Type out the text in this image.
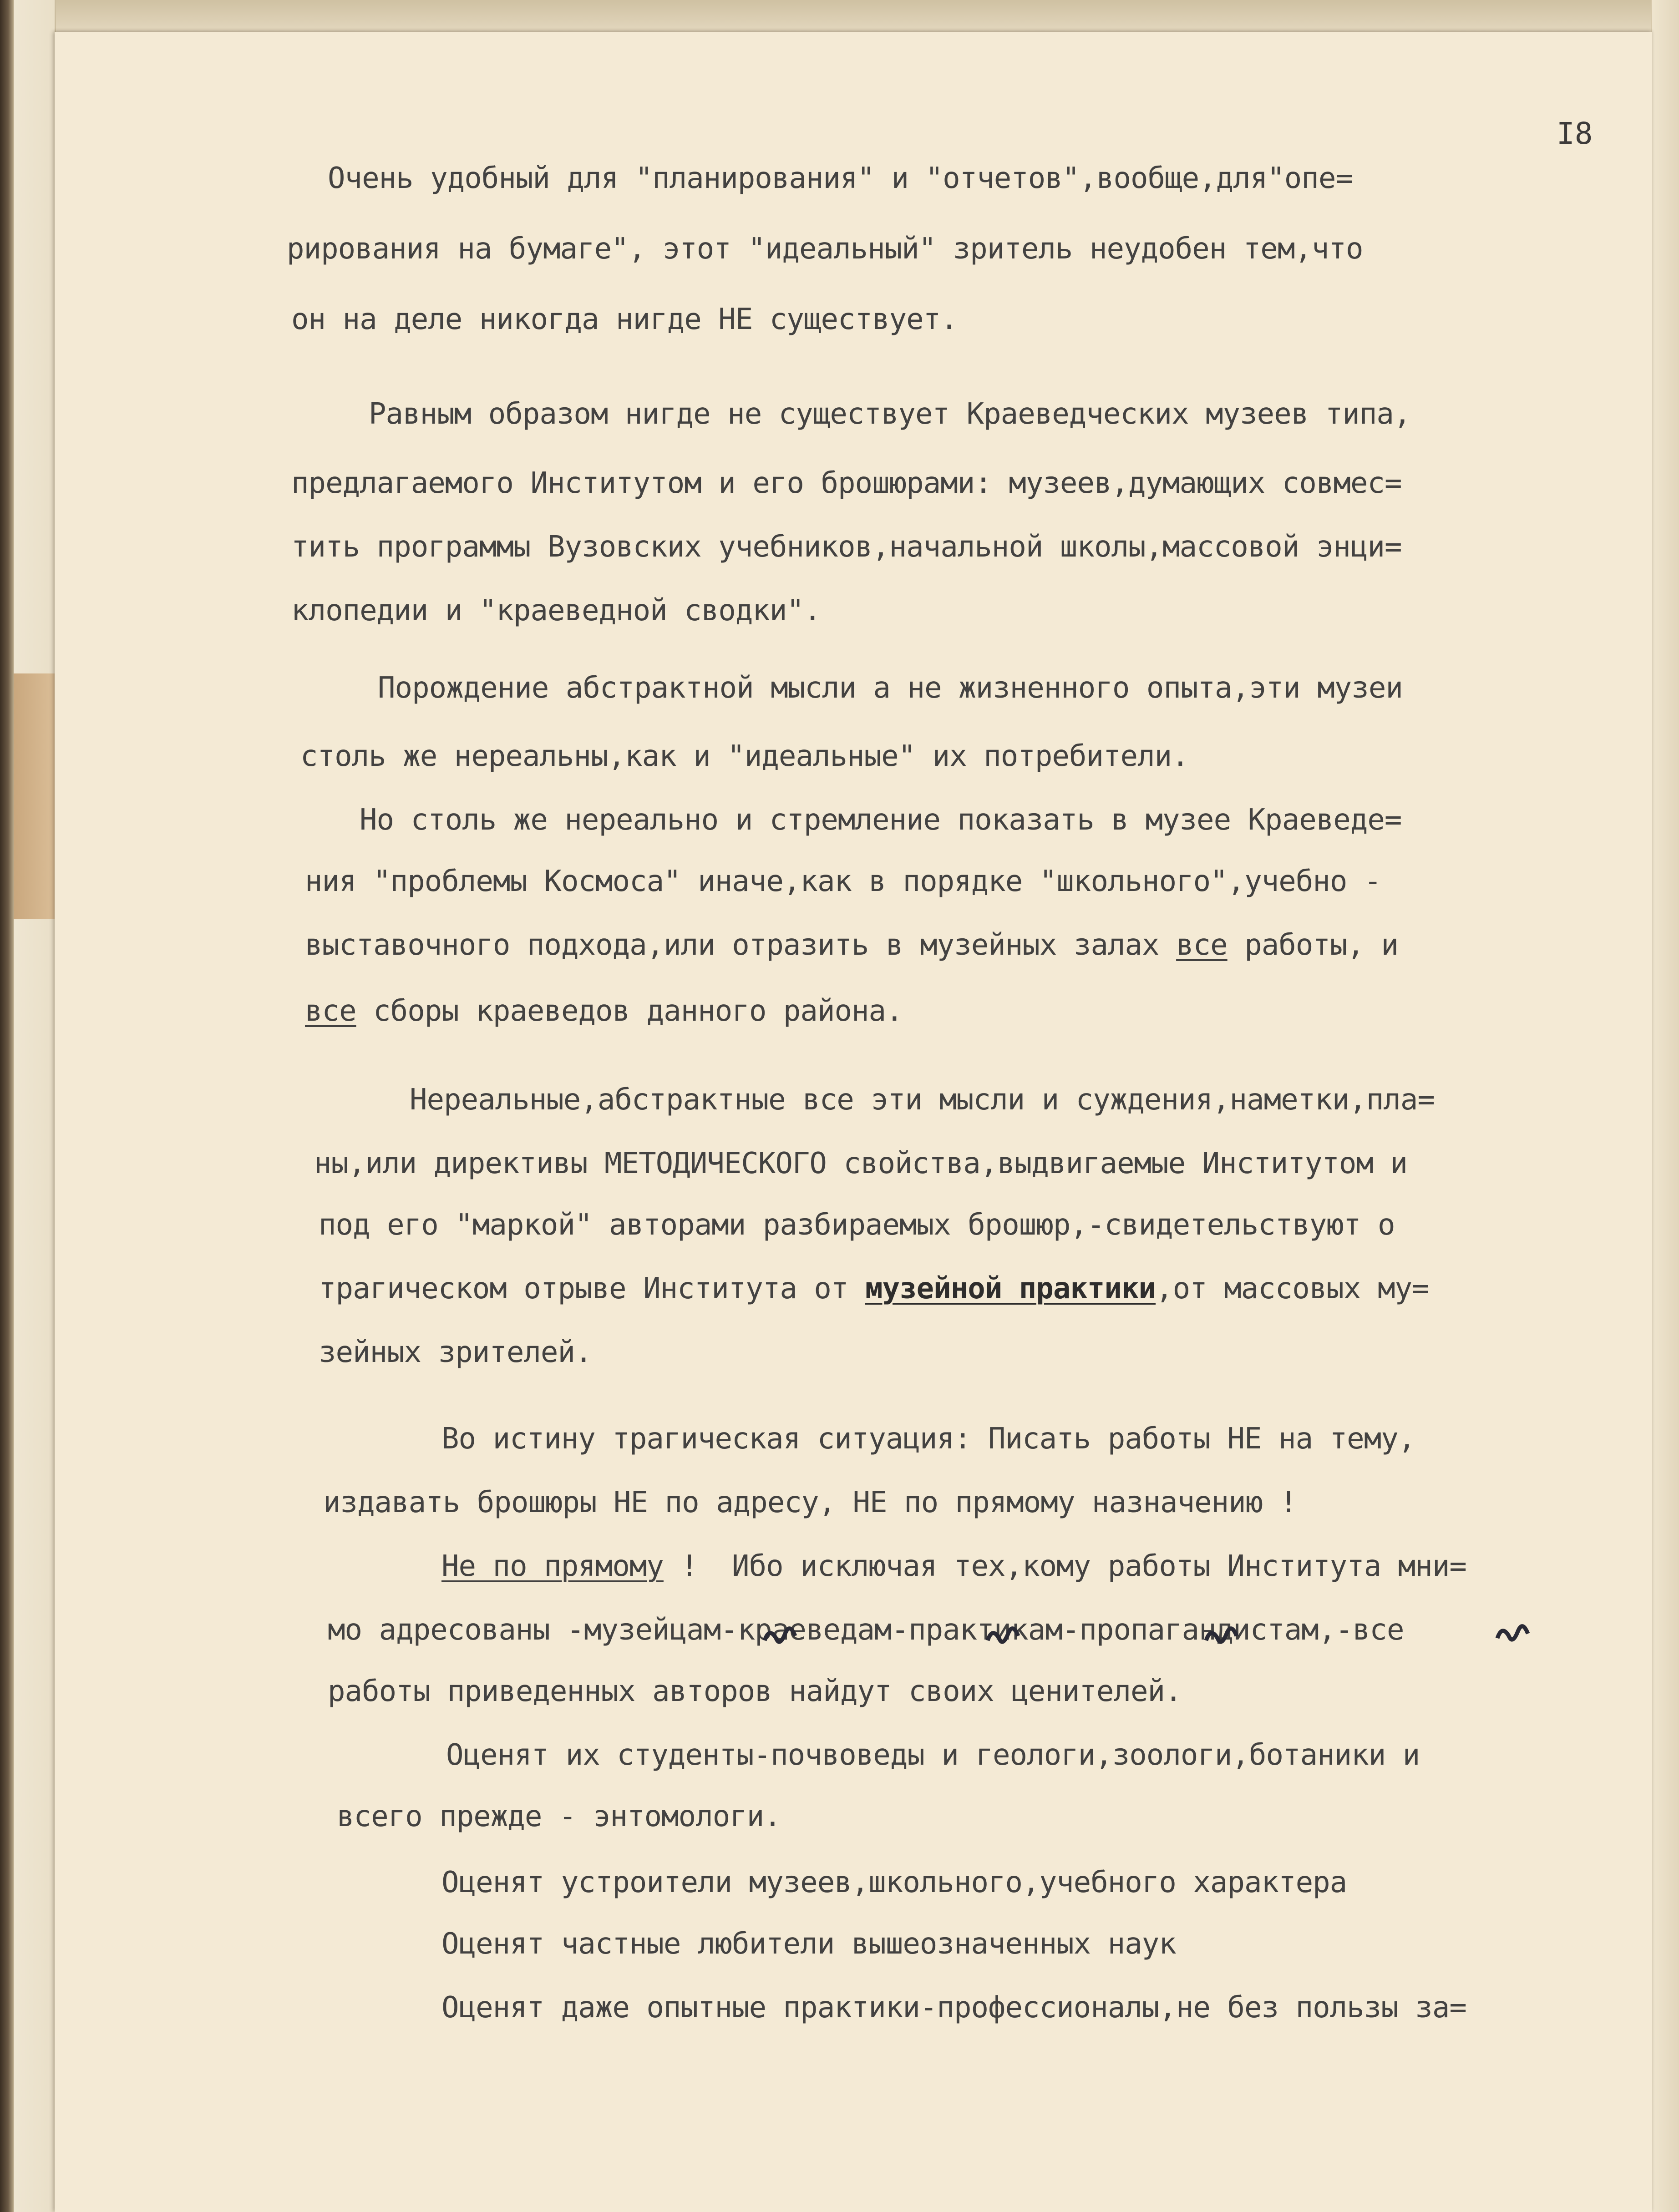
I8
Очень удобный для "планирования" и "отчетов",вообще,для"опе=
рирования на бумаге", этот "идеальный" зритель неудобен тем,что
он на деле никогда нигде НЕ существует.
Равным образом нигде не существует Краеведческих музеев типа,
предлагаемого Институтом и его брошюрами: музеев,думающих совмес=
тить программы Вузовских учебников,начальной школы,массовой энци=
клопедии и "краеведной сводки".
Порождение абстрактной мысли а не жизненного опыта,эти музеи
столь же нереальны,как и "идеальные" их потребители.
Но столь же нереально и стремление показать в музее Краеведе=
ния "проблемы Космоса" иначе,как в порядке "школьного",учебно -
выставочного подхода,или отразить в музейных залах все работы, и
все сборы краеведов данного района.
Нереальные,абстрактные все эти мысли и суждения,наметки,пла=
ны,или директивы МЕТОДИЧЕСКОГО свойства,выдвигаемые Институтом и
под его "маркой" авторами разбираемых брошюр,-свидетельствуют о
трагическом отрыве Института от музейной практики,от массовых му=
зейных зрителей.
Во истину трагическая ситуация: Писать работы НЕ на тему,
издавать брошюры НЕ по адресу, НЕ по прямому назначению !
Не по прямому !  Ибо исключая тех,кому работы Института мни=
мо адресованы -музейцам-краеведам-практикам-пропагандистам,-все
работы приведенных авторов найдут своих ценителей.
Оценят их студенты-почвоведы и геологи,зоологи,ботаники и
всего прежде - энтомологи.
Оценят устроители музеев,школьного,учебного характера
Оценят частные любители вышеозначенных наук
Оценят даже опытные практики-профессионалы,не без пользы за=
